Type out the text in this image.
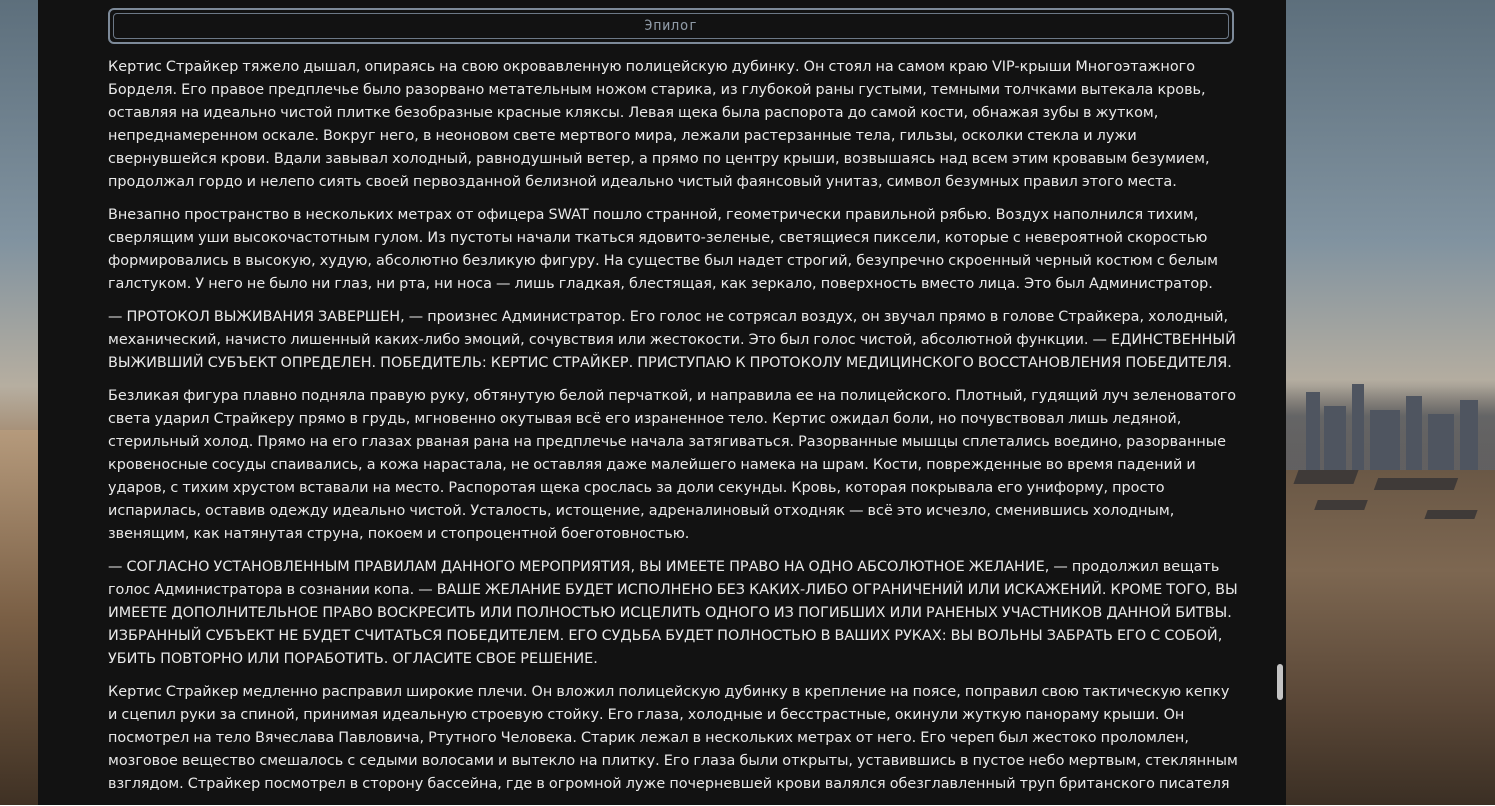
Эпилог

Кертис Страйкер тяжело дышал, опираясь на свою окровавленную полицейскую дубинку. Он стоял на самом краю VIP-крыши Многоэтажного Борделя. Его правое предплечье было разорвано метательным ножом старика, из глубокой раны густыми, темными толчками вытекала кровь, оставляя на идеально чистой плитке безобразные красные кляксы. Левая щека была распорота до самой кости, обнажая зубы в жутком, непреднамеренном оскале. Вокруг него, в неоновом свете мертвого мира, лежали растерзанные тела, гильзы, осколки стекла и лужи свернувшейся крови. Вдали завывал холодный, равнодушный ветер, а прямо по центру крыши, возвышаясь над всем этим кровавым безумием, продолжал гордо и нелепо сиять своей первозданной белизной идеально чистый фаянсовый унитаз, символ безумных правил этого места.

Внезапно пространство в нескольких метрах от офицера SWAT пошло странной, геометрически правильной рябью. Воздух наполнился тихим, сверлящим уши высокочастотным гулом. Из пустоты начали ткаться ядовито-зеленые, светящиеся пиксели, которые с невероятной скоростью формировались в высокую, худую, абсолютно безликую фигуру. На существе был надет строгий, безупречно скроенный черный костюм с белым галстуком. У него не было ни глаз, ни рта, ни носа — лишь гладкая, блестящая, как зеркало, поверхность вместо лица. Это был Администратор.

— ПРОТОКОЛ ВЫЖИВАНИЯ ЗАВЕРШЕН, — произнес Администратор. Его голос не сотрясал воздух, он звучал прямо в голове Страйкера, холодный, механический, начисто лишенный каких-либо эмоций, сочувствия или жестокости. Это был голос чистой, абсолютной функции. — ЕДИНСТВЕННЫЙ ВЫЖИВШИЙ СУБЪЕКТ ОПРЕДЕЛЕН. ПОБЕДИТЕЛЬ: КЕРТИС СТРАЙКЕР. ПРИСТУПАЮ К ПРОТОКОЛУ МЕДИЦИНСКОГО ВОССТАНОВЛЕНИЯ ПОБЕДИТЕЛЯ.

Безликая фигура плавно подняла правую руку, обтянутую белой перчаткой, и направила ее на полицейского. Плотный, гудящий луч зеленоватого света ударил Страйкеру прямо в грудь, мгновенно окутывая всё его израненное тело. Кертис ожидал боли, но почувствовал лишь ледяной, стерильный холод. Прямо на его глазах рваная рана на предплечье начала затягиваться. Разорванные мышцы сплетались воедино, разорванные кровеносные сосуды спаивались, а кожа нарастала, не оставляя даже малейшего намека на шрам. Кости, поврежденные во время падений и ударов, с тихим хрустом вставали на место. Распоротая щека срослась за доли секунды. Кровь, которая покрывала его униформу, просто испарилась, оставив одежду идеально чистой. Усталость, истощение, адреналиновый отходняк — всё это исчезло, сменившись холодным, звенящим, как натянутая струна, покоем и стопроцентной боеготовностью.

— СОГЛАСНО УСТАНОВЛЕННЫМ ПРАВИЛАМ ДАННОГО МЕРОПРИЯТИЯ, ВЫ ИМЕЕТЕ ПРАВО НА ОДНО АБСОЛЮТНОЕ ЖЕЛАНИЕ, — продолжил вещать голос Администратора в сознании копа. — ВАШЕ ЖЕЛАНИЕ БУДЕТ ИСПОЛНЕНО БЕЗ КАКИХ-ЛИБО ОГРАНИЧЕНИЙ ИЛИ ИСКАЖЕНИЙ. КРОМЕ ТОГО, ВЫ ИМЕЕТЕ ДОПОЛНИТЕЛЬНОЕ ПРАВО ВОСКРЕСИТЬ ИЛИ ПОЛНОСТЬЮ ИСЦЕЛИТЬ ОДНОГО ИЗ ПОГИБШИХ ИЛИ РАНЕНЫХ УЧАСТНИКОВ ДАННОЙ БИТВЫ. ИЗБРАННЫЙ СУБЪЕКТ НЕ БУДЕТ СЧИТАТЬСЯ ПОБЕДИТЕЛЕМ. ЕГО СУДЬБА БУДЕТ ПОЛНОСТЬЮ В ВАШИХ РУКАХ: ВЫ ВОЛЬНЫ ЗАБРАТЬ ЕГО С СОБОЙ, УБИТЬ ПОВТОРНО ИЛИ ПОРАБОТИТЬ. ОГЛАСИТЕ СВОЕ РЕШЕНИЕ.

Кертис Страйкер медленно расправил широкие плечи. Он вложил полицейскую дубинку в крепление на поясе, поправил свою тактическую кепку и сцепил руки за спиной, принимая идеальную строевую стойку. Его глаза, холодные и бесстрастные, окинули жуткую панораму крыши. Он посмотрел на тело Вячеслава Павловича, Ртутного Человека. Старик лежал в нескольких метрах от него. Его череп был жестоко проломлен, мозговое вещество смешалось с седыми волосами и вытекло на плитку. Его глаза были открыты, уставившись в пустое небо мертвым, стеклянным взглядом. Страйкер посмотрел в сторону бассейна, где в огромной луже почерневшей крови валялся обезглавленный труп британского писателя
